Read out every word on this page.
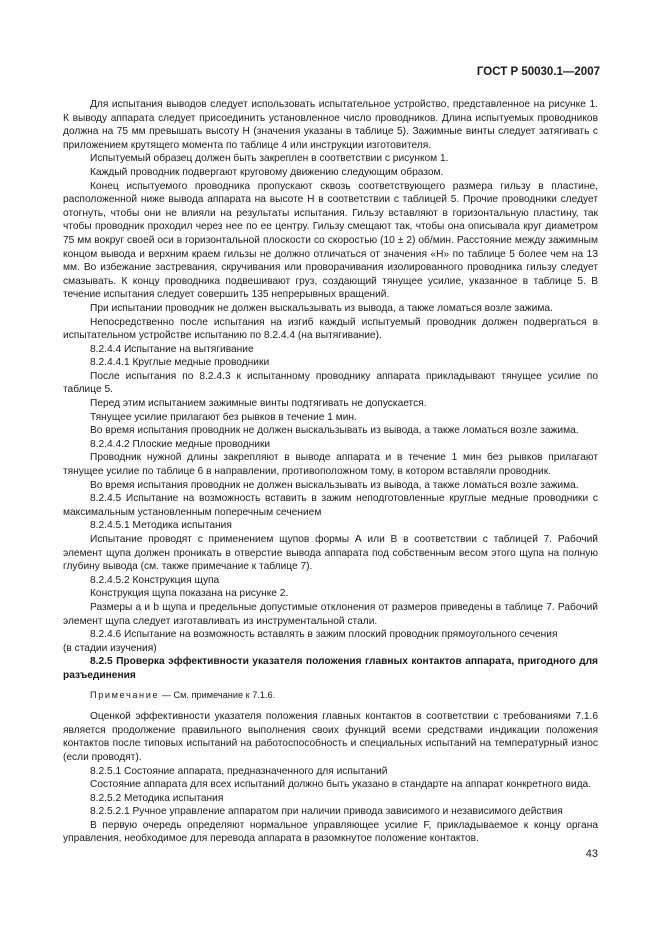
ГОСТ Р 50030.1—2007

Для испытания выводов следует использовать испытательное устройство, представленное на рисунке 1. К выводу аппарата следует присоединить установленное число проводников. Длина испытуемых проводников должна на 75 мм превышать высоту Н (значения указаны в таблице 5). Зажимные винты следует затягивать с приложением крутящего момента по таблице 4 или инструкции изготовителя.

Испытуемый образец должен быть закреплен в соответствии с рисунком 1.

Каждый проводник подвергают круговому движению следующим образом.

Конец испытуемого проводника пропускают сквозь соответствующего размера гильзу в пластине, расположенной ниже вывода аппарата на высоте Н в соответствии с таблицей 5. Прочие проводники следует отогнуть, чтобы они не влияли на результаты испытания. Гильзу вставляют в горизонтальную пластину, так чтобы проводник проходил через нее по ее центру. Гильзу смещают так, чтобы она описывала круг диаметром 75 мм вокруг своей оси в горизонтальной плоскости со скоростью (10 ± 2) об/мин. Расстояние между зажимным концом вывода и верхним краем гильзы не должно отличаться от значения «Н» по таблице 5 более чем на 13 мм. Во избежание застревания, скручивания или проворачивания изолированного проводника гильзу следует смазывать. К концу проводника подвешивают груз, создающий тянущее усилие, указанное в таблице 5. В течение испытания следует совершить 135 непрерывных вращений.

При испытании проводник не должен выскальзывать из вывода, а также ломаться возле зажима.

Непосредственно после испытания на изгиб каждый испытуемый проводник должен подвергаться в испытательном устройстве испытанию по 8.2.4.4 (на вытягивание).

8.2.4.4 Испытание на вытягивание

8.2.4.4.1 Круглые медные проводники

После испытания по 8.2.4.3 к испытанному проводнику аппарата прикладывают тянущее усилие по таблице 5.

Перед этим испытанием зажимные винты подтягивать не допускается.

Тянущее усилие прилагают без рывков в течение 1 мин.

Во время испытания проводник не должен выскальзывать из вывода, а также ломаться возле зажима.

8.2.4.4.2 Плоские медные проводники

Проводник нужной длины закрепляют в выводе аппарата и в течение 1 мин без рывков прилагают тянущее усилие по таблице 6 в направлении, противоположном тому, в котором вставляли проводник.

Во время испытания проводник не должен выскальзывать из вывода, а также ломаться возле зажима.

8.2.4.5 Испытание на возможность вставить в зажим неподготовленные круглые медные проводники с максимальным установленным поперечным сечением

8.2.4.5.1 Методика испытания

Испытание проводят с применением щупов формы А или В в соответствии с таблицей 7. Рабочий элемент щупа должен проникать в отверстие вывода аппарата под собственным весом этого щупа на полную глубину вывода (см. также примечание к таблице 7).

8.2.4.5.2 Конструкция щупа

Конструкция щупа показана на рисунке 2.

Размеры а и b щупа и предельные допустимые отклонения от размеров приведены в таблице 7. Рабочий элемент щупа следует изготавливать из инструментальной стали.

8.2.4.6 Испытание на возможность вставлять в зажим плоский проводник прямоугольного сечения

(в стадии изучения)

8.2.5 Проверка эффективности указателя положения главных контактов аппарата, пригодного для разъединения

Примечание — См. примечание к 7.1.6.

Оценкой эффективности указателя положения главных контактов в соответствии с требованиями 7.1.6 является продолжение правильного выполнения своих функций всеми средствами индикации положения контактов после типовых испытаний на работоспособность и специальных испытаний на температурный износ (если проводят).

8.2.5.1 Состояние аппарата, предназначенного для испытаний

Состояние аппарата для всех испытаний должно быть указано в стандарте на аппарат конкретного вида.

8.2.5.2 Методика испытания

8.2.5.2.1 Ручное управление аппаратом при наличии привода зависимого и независимого действия

В первую очередь определяют нормальное управляющее усилие F, прикладываемое к концу органа управления, необходимое для перевода аппарата в разомкнутое положение контактов.

43
